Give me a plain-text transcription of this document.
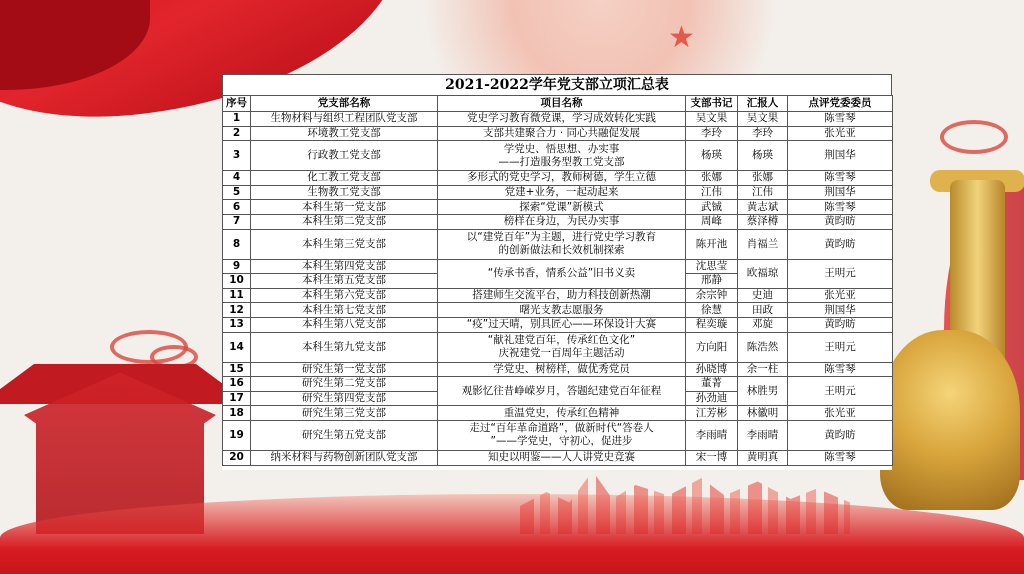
★
2021-2022学年党支部立项汇总表
序号	党支部名称	项目名称	支部书记	汇报人	点评党委委员
1	生物材料与组织工程团队党支部	党史学习教育微党课，学习成效转化实践	吴文果	吴文果	陈雪琴
2	环境教工党支部	支部共建聚合力 · 同心共融促发展	李玲	李玲	张光亚
3	行政教工党支部	学党史、悟思想、办实事
——打造服务型教工党支部	杨瑛	杨瑛	荆国华
4	化工教工党支部	多形式的党史学习，教师树德，学生立德	张娜	张娜	陈雪琴
5	生物教工党支部	党建+业务，一起动起来	江伟	江伟	荆国华
6	本科生第一党支部	探索“党课”新模式	武铖	黄志斌	陈雪琴
7	本科生第二党支部	榜样在身边，为民办实事	周峰	蔡泽樽	黄昀昉
8	本科生第三党支部	以“建党百年”为主题，进行党史学习教育
的创新做法和长效机制探索	陈开池	肖福兰	黄昀昉
9	本科生第四党支部	“传承书香，情系公益”旧书义卖	沈思莹	欧福琼	王明元
10	本科生第五党支部		邢静		
11	本科生第六党支部	搭建师生交流平台，助力科技创新热潮	余宗钟	史迪	张光亚
12	本科生第七党支部	曙光支教志愿服务	徐慧	田政	荆国华
13	本科生第八党支部	“疫”过天晴，别具匠心——环保设计大赛	程奕璇	邓旋	黄昀昉
14	本科生第九党支部	“献礼建党百年，传承红色文化”
庆祝建党一百周年主题活动	方向阳	陈浩然	王明元
15	研究生第一党支部	学党史、树榜样，做优秀党员	孙晓博	余一柱	陈雪琴
16	研究生第二党支部	观影忆往昔峥嵘岁月，答题纪建党百年征程	董菁	林胜男	王明元
17	研究生第四党支部		孙劲迪		
18	研究生第三党支部	重温党史，传承红色精神	江芳彬	林徽明	张光亚
19	研究生第五党支部	走过“百年革命道路”，做新时代“答卷人
”——学党史，守初心，促进步	李雨晴	李雨晴	黄昀昉
20	纳米材料与药物创新团队党支部	知史以明鉴——人人讲党史竞赛	宋一博	黄明真	陈雪琴
